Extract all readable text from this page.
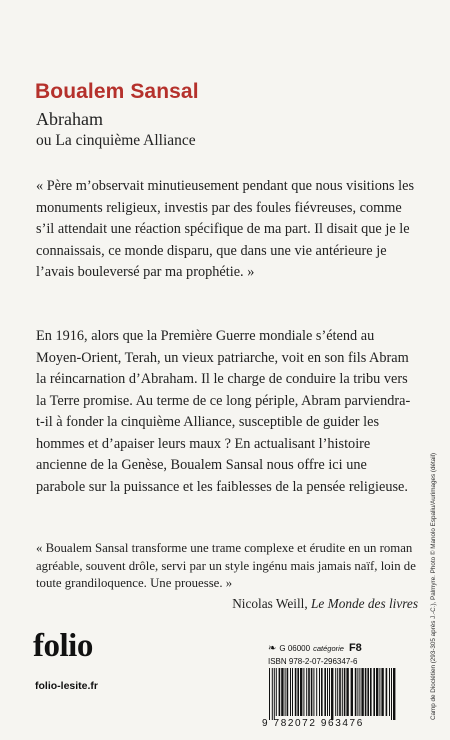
Boualem Sansal
Abraham
ou La cinquième Alliance

« Père m’observait minutieusement pendant que nous visitions les monuments religieux, investis par des foules fiévreuses, comme s’il attendait une réaction spécifique de ma part. Il disait que je le connaissais, ce monde disparu, que dans une vie antérieure je l’avais bouleversé par ma prophétie. »

En 1916, alors que la Première Guerre mondiale s’étend au Moyen-Orient, Terah, un vieux patriarche, voit en son fils Abram la réincarnation d’Abraham. Il le charge de conduire la tribu vers la Terre promise. Au terme de ce long périple, Abram parviendra-t-il à fonder la cinquième Alliance, susceptible de guider les hommes et d’apaiser leurs maux ? En actualisant l’histoire ancienne de la Genèse, Boualem Sansal nous offre ici une parabole sur la puissance et les faiblesses de la pensée religieuse.

« Boualem Sansal transforme une trame complexe et érudite en un roman agréable, souvent drôle, servi par un style ingénu mais jamais naïf, loin de toute grandiloquence. Une prouesse. »

Nicolas Weill, Le Monde des livres
folio
folio-lesite.fr
❧ G 06000 catégorie F8
ISBN 978-2-07-296347-6
9 782072 963476
Camp de Dioclétien (293-305 après J.-C.), Palmyre. Photo © Manolo Espaliu/Aurimages (détail)
